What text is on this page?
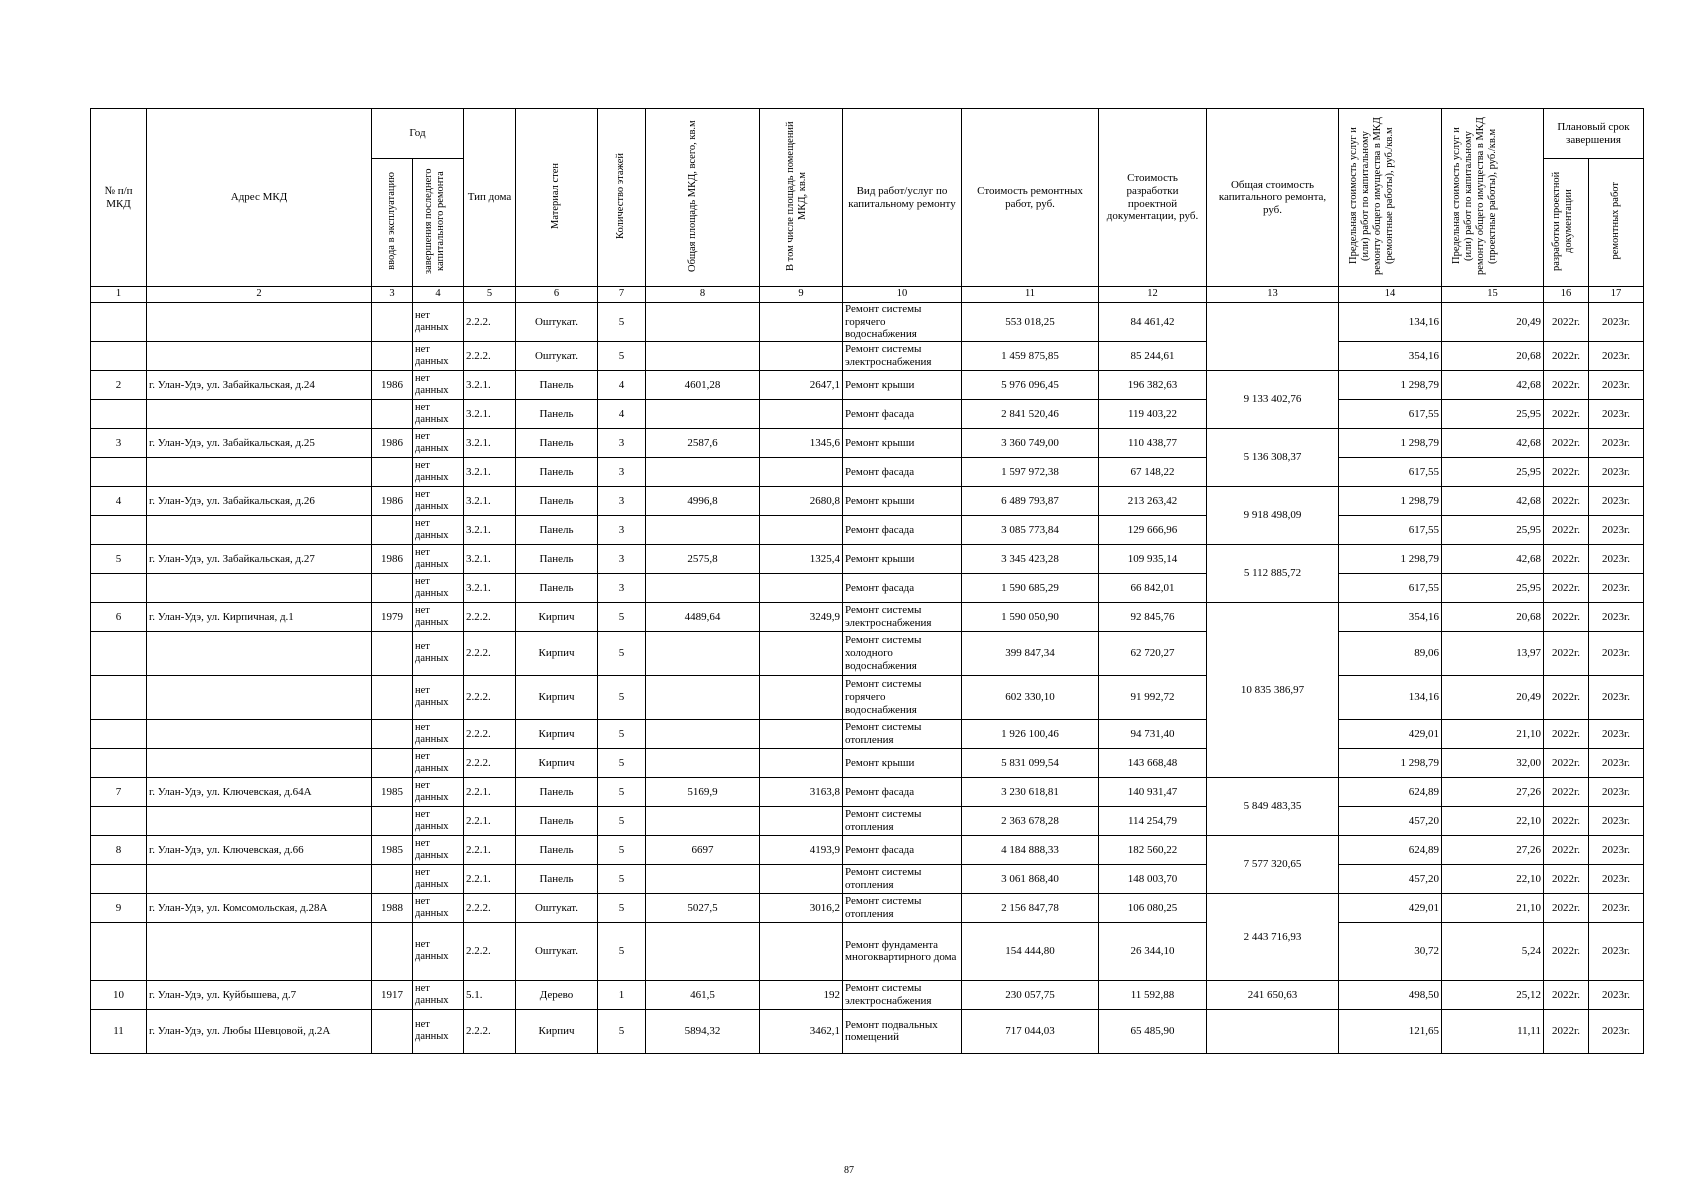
№ п/п МКД	Адрес МКД	Год		Тип дома	Материал стен	Количество этажей	Общая площадь МКД, всего, кв.м	В том числе площадь помещений МКД, кв.м	Вид работ/услуг по капитальному ремонту	Стоимость ремонтных работ, руб.	Стоимость разработки проектной документации, руб.	Общая стоимость капитального ремонта, руб.	Предельная стоимость услуг и (или) работ по капитальному ремонту общего имущества в МКД (ремонтные работы), руб./кв.м	Предельная стоимость услуг и (или) работ по капитальному ремонту общего имущества в МКД (проектные работы), руб./кв.м	Плановый срок завершения	
		ввода в эксплуатацию	завершения последнего капитального ремонта												разработки проектной документации	ремонтных работ
1	2	3	4	5	6	7	8	9	10	11	12	13	14	15	16	17
			нет данных	2.2.2.	Оштукат.	5			Ремонт системы горячего водоснабжения	553 018,25	84 461,42		134,16	20,49	2022г.	2023г.
			нет данных	2.2.2.	Оштукат.	5			Ремонт системы электроснабжения	1 459 875,85	85 244,61		354,16	20,68	2022г.	2023г.
2	г. Улан-Удэ, ул. Забайкальская, д.24	1986	нет данных	3.2.1.	Панель	4	4601,28	2647,1	Ремонт крыши	5 976 096,45	196 382,63	9 133 402,76	1 298,79	42,68	2022г.	2023г.
			нет данных	3.2.1.	Панель	4			Ремонт фасада	2 841 520,46	119 403,22		617,55	25,95	2022г.	2023г.
3	г. Улан-Удэ, ул. Забайкальская, д.25	1986	нет данных	3.2.1.	Панель	3	2587,6	1345,6	Ремонт крыши	3 360 749,00	110 438,77	5 136 308,37	1 298,79	42,68	2022г.	2023г.
			нет данных	3.2.1.	Панель	3			Ремонт фасада	1 597 972,38	67 148,22		617,55	25,95	2022г.	2023г.
4	г. Улан-Удэ, ул. Забайкальская, д.26	1986	нет данных	3.2.1.	Панель	3	4996,8	2680,8	Ремонт крыши	6 489 793,87	213 263,42	9 918 498,09	1 298,79	42,68	2022г.	2023г.
			нет данных	3.2.1.	Панель	3			Ремонт фасада	3 085 773,84	129 666,96		617,55	25,95	2022г.	2023г.
5	г. Улан-Удэ, ул. Забайкальская, д.27	1986	нет данных	3.2.1.	Панель	3	2575,8	1325,4	Ремонт крыши	3 345 423,28	109 935,14	5 112 885,72	1 298,79	42,68	2022г.	2023г.
			нет данных	3.2.1.	Панель	3			Ремонт фасада	1 590 685,29	66 842,01		617,55	25,95	2022г.	2023г.
6	г. Улан-Удэ, ул. Кирпичная, д.1	1979	нет данных	2.2.2.	Кирпич	5	4489,64	3249,9	Ремонт системы электроснабжения	1 590 050,90	92 845,76	10 835 386,97	354,16	20,68	2022г.	2023г.
			нет данных	2.2.2.	Кирпич	5			Ремонт системы холодного водоснабжения	399 847,34	62 720,27		89,06	13,97	2022г.	2023г.
			нет данных	2.2.2.	Кирпич	5			Ремонт системы горячего водоснабжения	602 330,10	91 992,72		134,16	20,49	2022г.	2023г.
			нет данных	2.2.2.	Кирпич	5			Ремонт системы отопления	1 926 100,46	94 731,40		429,01	21,10	2022г.	2023г.
			нет данных	2.2.2.	Кирпич	5			Ремонт крыши	5 831 099,54	143 668,48		1 298,79	32,00	2022г.	2023г.
7	г. Улан-Удэ, ул. Ключевская, д.64А	1985	нет данных	2.2.1.	Панель	5	5169,9	3163,8	Ремонт фасада	3 230 618,81	140 931,47	5 849 483,35	624,89	27,26	2022г.	2023г.
			нет данных	2.2.1.	Панель	5			Ремонт системы отопления	2 363 678,28	114 254,79		457,20	22,10	2022г.	2023г.
8	г. Улан-Удэ, ул. Ключевская, д.66	1985	нет данных	2.2.1.	Панель	5	6697	4193,9	Ремонт фасада	4 184 888,33	182 560,22	7 577 320,65	624,89	27,26	2022г.	2023г.
			нет данных	2.2.1.	Панель	5			Ремонт системы отопления	3 061 868,40	148 003,70		457,20	22,10	2022г.	2023г.
9	г. Улан-Удэ, ул. Комсомольская, д.28А	1988	нет данных	2.2.2.	Оштукат.	5	5027,5	3016,2	Ремонт системы отопления	2 156 847,78	106 080,25	2 443 716,93	429,01	21,10	2022г.	2023г.
			нет данных	2.2.2.	Оштукат.	5			Ремонт фундамента многоквартирного дома	154 444,80	26 344,10		30,72	5,24	2022г.	2023г.
10	г. Улан-Удэ, ул. Куйбышева, д.7	1917	нет данных	5.1.	Дерево	1	461,5	192	Ремонт системы электроснабжения	230 057,75	11 592,88	241 650,63	498,50	25,12	2022г.	2023г.
11	г. Улан-Удэ, ул. Любы Шевцовой, д.2А		нет данных	2.2.2.	Кирпич	5	5894,32	3462,1	Ремонт подвальных помещений	717 044,03	65 485,90		121,65	11,11	2022г.	2023г.
87
